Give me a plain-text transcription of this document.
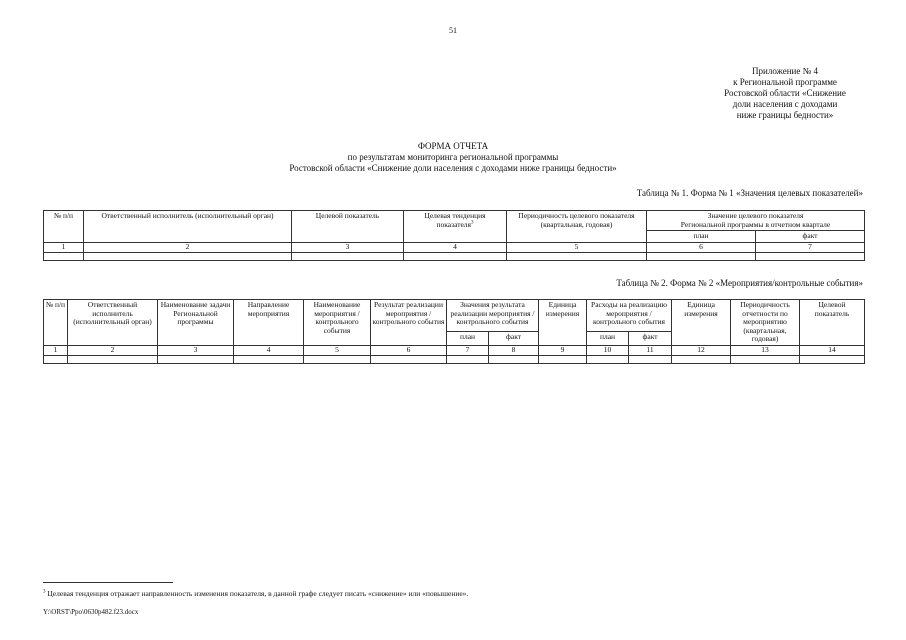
51
Приложение № 4
к Региональной программе
Ростовской области «Снижение
доли населения с доходами
ниже границы бедности»
ФОРМА ОТЧЕТА
по результатам мониторинга региональной программы
Ростовской области «Снижение доли населения с доходами ниже границы бедности»
Таблица № 1. Форма № 1 «Значения целевых показателей»
№ п/п	Ответственный исполнитель (исполнительный орган)	Целевой показатель	Целевая тенденция показателя$^3$	Периодичность целевого показателя (квартальная, годовая)	Значение целевого показателя
Региональной программы в отчетном квартале	

					план	факт
1	2	3	4	5	6	7

Таблица № 2. Форма № 2 «Мероприятия/контрольные события»
№ п/п	Ответственный исполнитель (исполнительный орган)	Наименование задачи Региональной программы	Направление мероприятия	Наименование мероприятия / контрольного события	Результат реализации мероприятия / контрольного события	Значения результата реализации мероприятия / контрольного события		Единица измерения	Расходы на реализацию мероприятия / контрольного события		Единица измерения	Периодичность отчетности по мероприятию (квартальная, годовая)	Целевой показатель
						план	факт		план	факт			
1	2	3	4	5	6	7	8	9	10	11	12	13	14

$^3$ Целевая тенденция отражает направленность изменения показателя, в данной графе следует писать «снижение» или «повышение».
Y:\ORST\Ppo\0630p482.f23.docx
